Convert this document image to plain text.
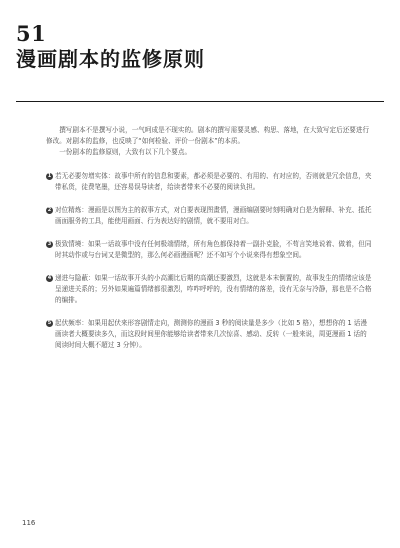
51
漫画剧本的监修原则

撰写剧本不是撰写小说，一气呵成是不现实的。剧本的撰写需要灵感、构思、落地，在大致写定后还要进行修改。对剧本的监修，也反映了“如何检验、评价一份剧本”的本质。

一份剧本的监修原则，大致有以下几个要点。

1 若无必要勿增实体：故事中所有的信息和要素，都必须是必要的、有用的、有对应的，否则就是冗余信息，夹带私货，徒费笔墨，还容易误导读者，给读者带来不必要的阅读负担。
2 对位精炼：漫画是以图为主的叙事方式，对白要表现图畫情，漫画编剧要时刻明确对白是为解释、补充、抵托画面服务的工具，能使用画面、行为表达好的剧情，就不要用对白。
3 极致情境：如果一话故事中没有任何极端情绪，所有角色都保持着一副扑克脸，不苟言笑地说着、做着，但同时其动作或与台词又是微型的，那么何必画漫画呢？还不如写个小说来得有想象空间。
4 递进与隐蔽：如果一话故事开头的小高潮比后期的高潮还要激烈，这就是本末倒置的，故事发生的情绪应该是呈递进关系的；另外如果遍篇情绪都很激烈，咋咋呼呼的，没有情绪的落差，没有无奈与冷静，那也是不合格的编排。
5 起伏频率：如果用起伏来形容剧情走向，测测你的漫画 3 秒的阅读量是多少（比如 5 格），想想你的 1 话漫画读者大概要读多久，而这段时间里你能够给读者带来几次惊喜、感动、反转（一般来说，周更漫画 1 话的阅读时间大概不超过 3 分钟）。
116
